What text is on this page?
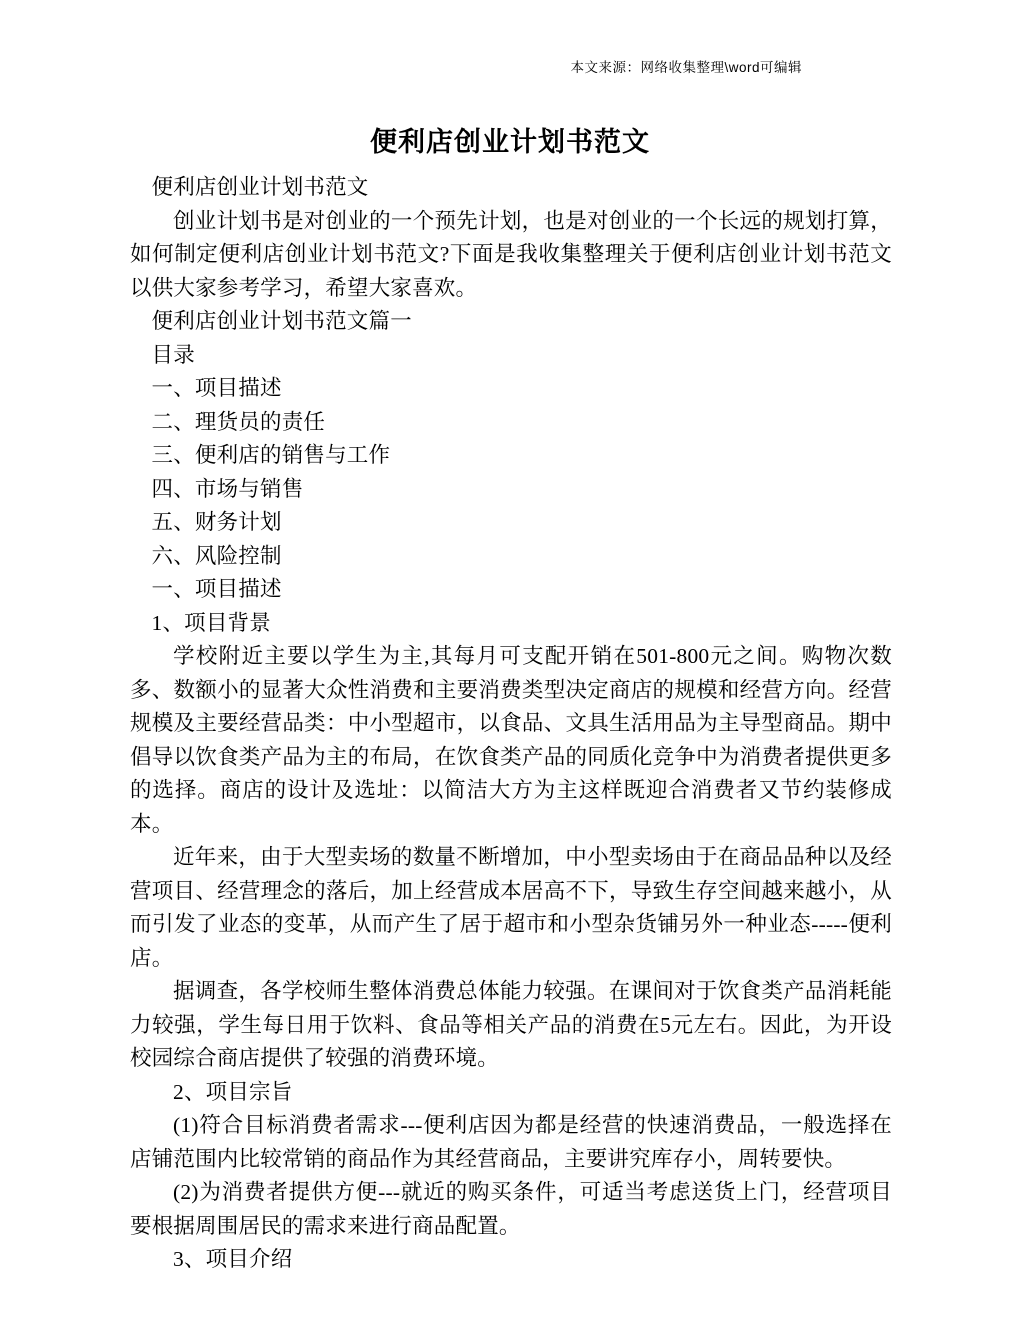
本文来源：网络收集整理\word可编辑
便利店创业计划书范文

便利店创业计划书范文

创业计划书是对创业的一个预先计划，也是对创业的一个长远的规划打算，如何制定便利店创业计划书范文?下面是我收集整理关于便利店创业计划书范文以供大家参考学习，希望大家喜欢。

便利店创业计划书范文篇一

目录

一、项目描述

二、理货员的责任

三、便利店的销售与工作

四、市场与销售

五、财务计划

六、风险控制

一、项目描述

1、项目背景

学校附近主要以学生为主,其每月可支配开销在501-800元之间。购物次数多、数额小的显著大众性消费和主要消费类型决定商店的规模和经营方向。经营规模及主要经营品类：中小型超市，以食品、文具生活用品为主导型商品。期中倡导以饮食类产品为主的布局，在饮食类产品的同质化竞争中为消费者提供更多的选择。商店的设计及选址：以简洁大方为主这样既迎合消费者又节约装修成本。

近年来，由于大型卖场的数量不断增加，中小型卖场由于在商品品种以及经营项目、经营理念的落后，加上经营成本居高不下，导致生存空间越来越小，从而引发了业态的变革，从而产生了居于超市和小型杂货铺另外一种业态-----便利店。

据调查，各学校师生整体消费总体能力较强。在课间对于饮食类产品消耗能力较强，学生每日用于饮料、食品等相关产品的消费在5元左右。因此，为开设校园综合商店提供了较强的消费环境。

2、项目宗旨

(1)符合目标消费者需求---便利店因为都是经营的快速消费品，一般选择在店铺范围内比较常销的商品作为其经营商品，主要讲究库存小，周转要快。

(2)为消费者提供方便---就近的购买条件，可适当考虑送货上门，经营项目要根据周围居民的需求来进行商品配置。

3、项目介绍
